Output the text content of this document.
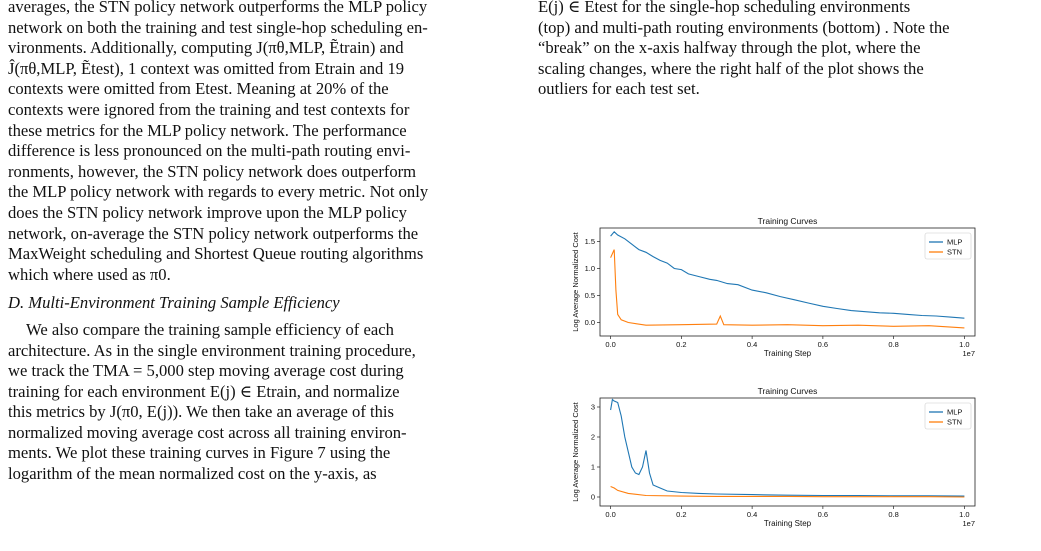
averages, the STN policy network outperforms the MLP policy
network on both the training and test single-hop scheduling en-
vironments. Additionally, computing J(πθ,MLP, Ẽtrain) and
Ĵ(πθ,MLP, Ẽtest), 1 context was omitted from Etrain and 19
contexts were omitted from Etest. Meaning at 20% of the
contexts were ignored from the training and test contexts for
these metrics for the MLP policy network. The performance
difference is less pronounced on the multi-path routing envi-
ronments, however, the STN policy network does outperform
the MLP policy network with regards to every metric. Not only
does the STN policy network improve upon the MLP policy
network, on-average the STN policy network outperforms the
MaxWeight scheduling and Shortest Queue routing algorithms
which where used as π0.

D. Multi-Environment Training Sample Efficiency

We also compare the training sample efficiency of each
architecture. As in the single environment training procedure,
we track the TMA = 5,000 step moving average cost during
training for each environment E(j) ∈ Etrain, and normalize
this metrics by J(π0, E(j)). We then take an average of this
normalized moving average cost across all training environ-
ments. We plot these training curves in Figure 7 using the
logarithm of the mean normalized cost on the y-axis, as

E(j) ∈ Etest for the single-hop scheduling environments
(top) and multi-path routing environments (bottom) . Note the
“break” on the x-axis halfway through the plot, where the
scaling changes, where the right half of the plot shows the
outliers for each test set.

Training Curves
0.0	0.2	0.4	0.6	0.8	1.0
0.0
0.5
1.0
1.5
Training Step	1e7
Log Average Normalized Cost	MLP
STN
Training Curves
0.0	0.2	0.4	0.6	0.8	1.0
0
1
2
3
Training Step	1e7
Log Average Normalized Cost	MLP
STN
